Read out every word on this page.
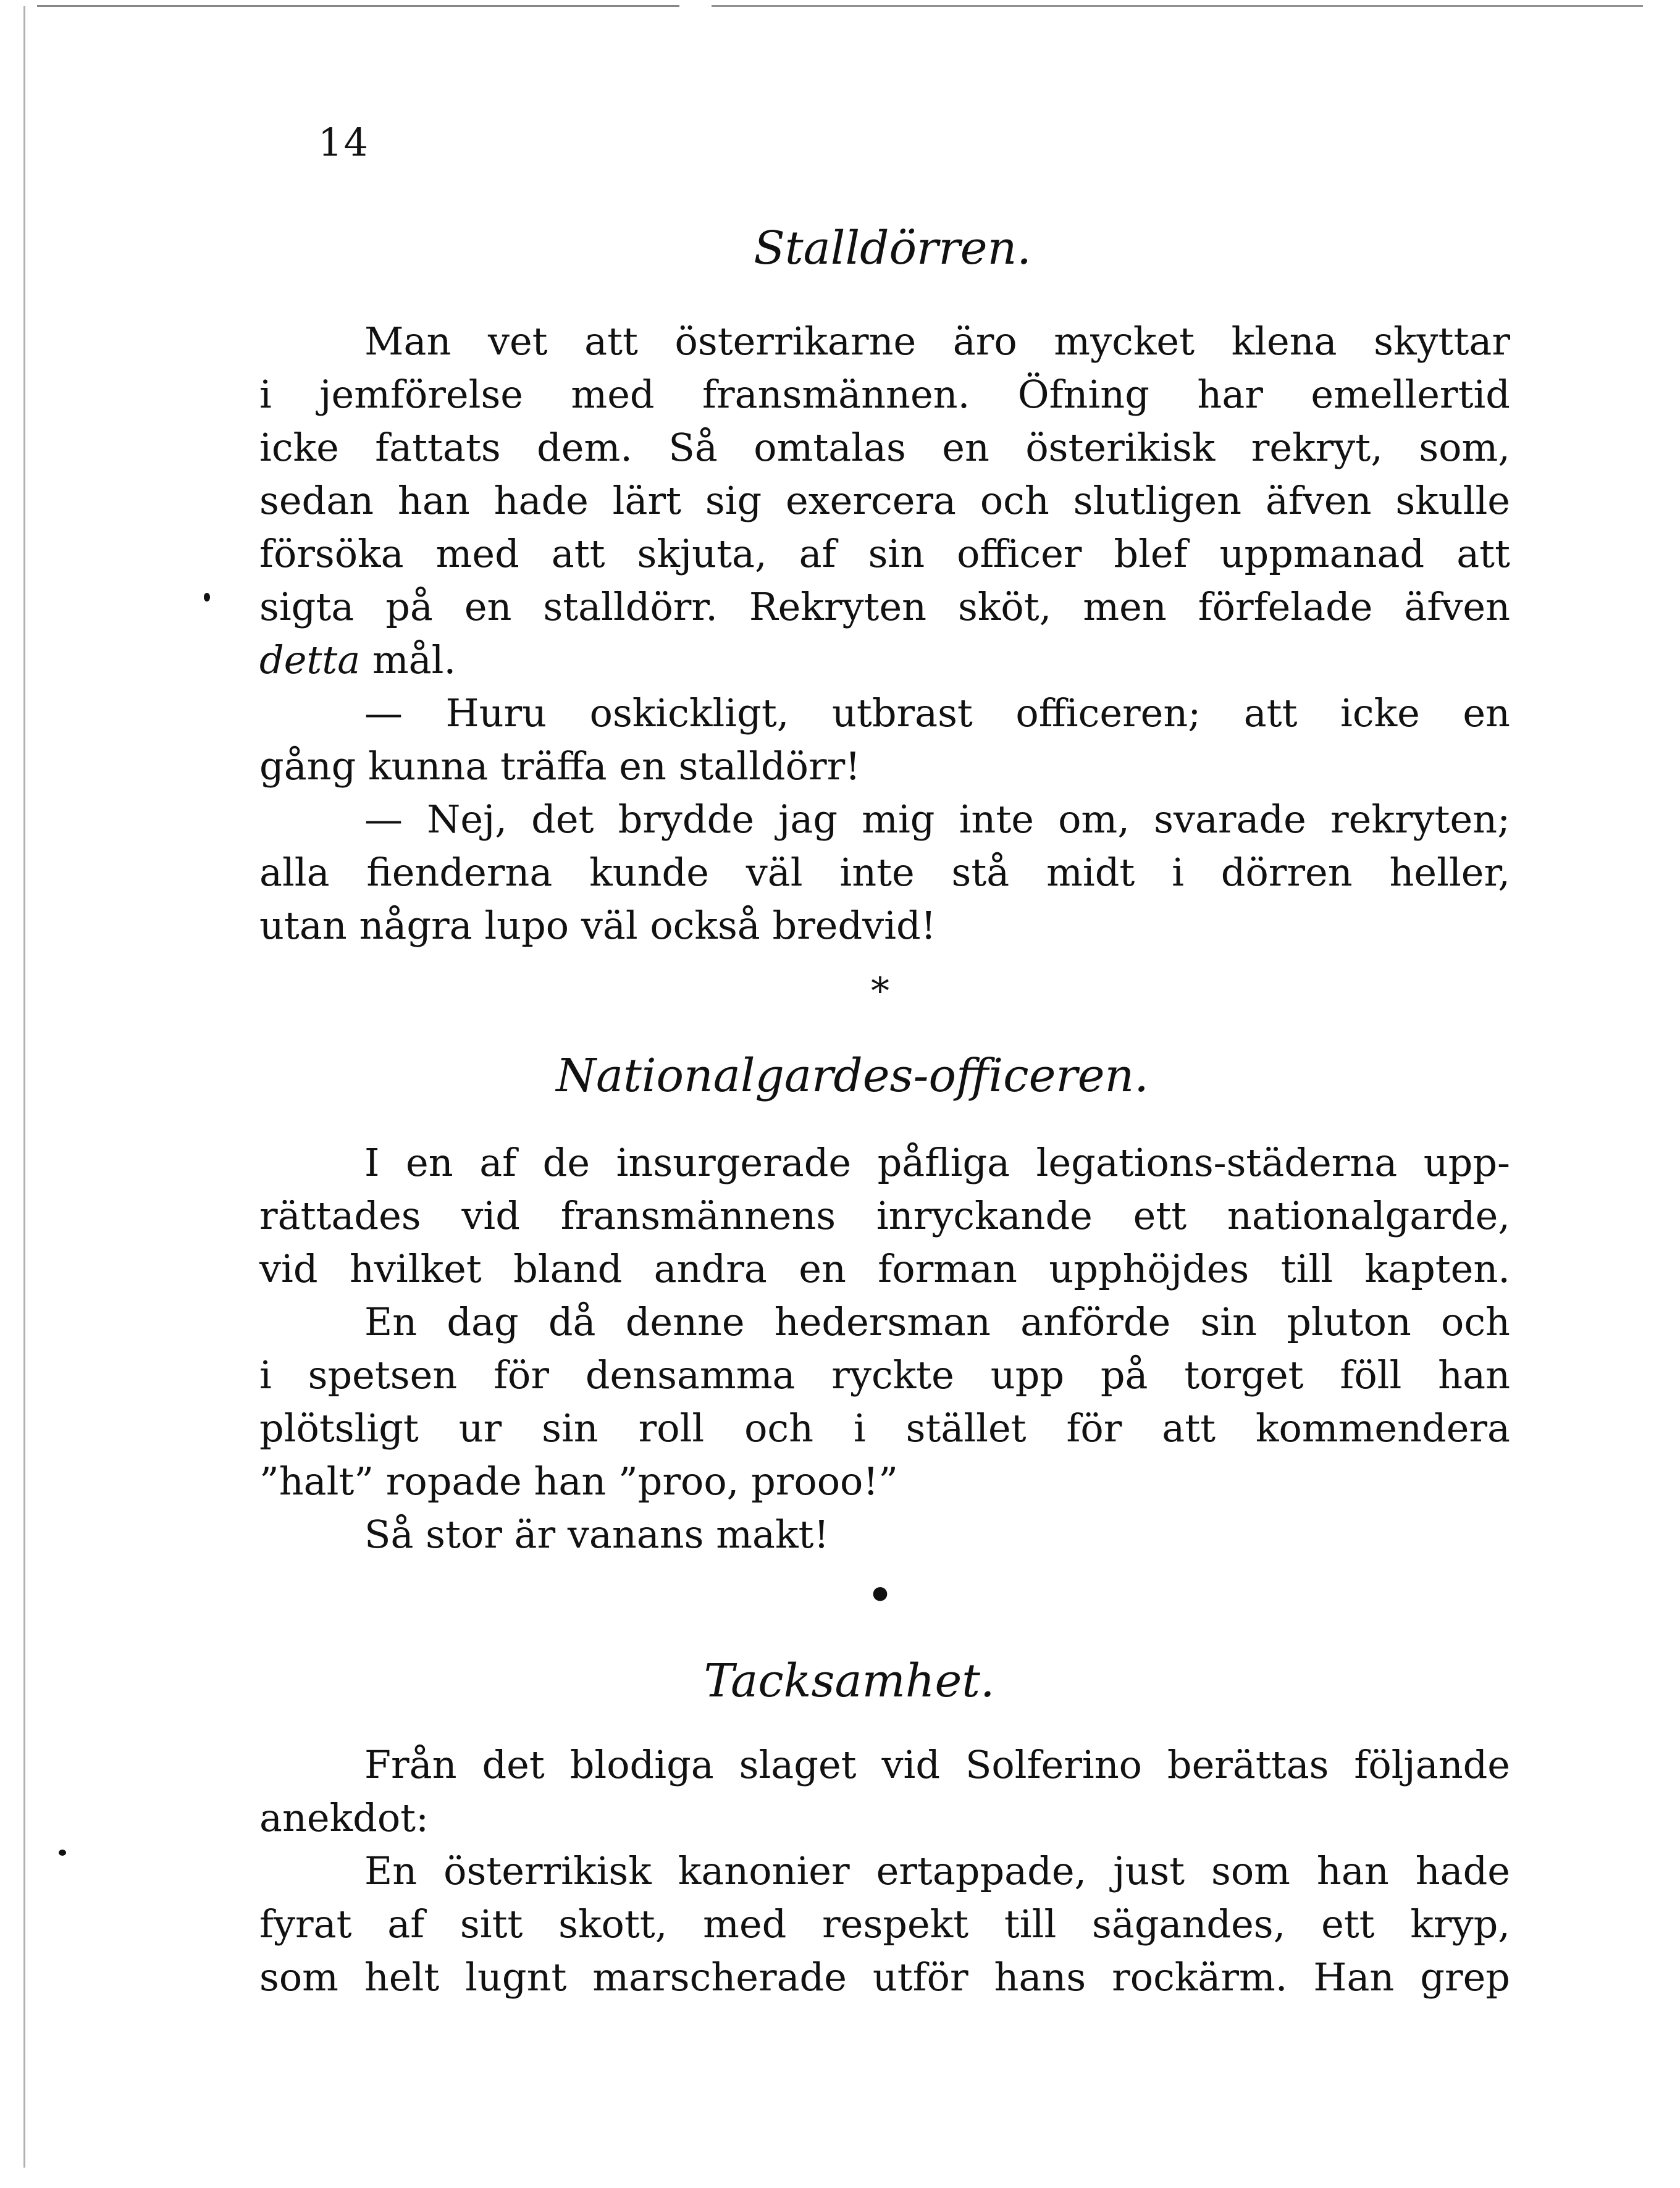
14
Stalldörren.
Man vet att österrikarne äro mycket klena skyttar
i jemförelse med fransmännen. Öfning har emellertid
icke fattats dem. Så omtalas en österikisk rekryt, som,
sedan han hade lärt sig exercera och slutligen äfven skulle
försöka med att skjuta, af sin officer blef uppmanad att
sigta på en stalldörr. Rekryten sköt, men förfelade äfven
detta mål.
— Huru oskickligt, utbrast officeren; att icke en
gång kunna träffa en stalldörr!
— Nej, det brydde jag mig inte om, svarade rekryten;
alla fienderna kunde väl inte stå midt i dörren heller,
utan några lupo väl också bredvid!
*
Nationalgardes-officeren.
I en af de insurgerade påfliga legations-städerna upp-
rättades vid fransmännens inryckande ett nationalgarde,
vid hvilket bland andra en forman upphöjdes till kapten.
En dag då denne hedersman anförde sin pluton och
i spetsen för densamma ryckte upp på torget föll han
plötsligt ur sin roll och i stället för att kommendera
”halt” ropade han ”proo, prooo!”
Så stor är vanans makt!
•
Tacksamhet.
Från det blodiga slaget vid Solferino berättas följande
anekdot:
En österrikisk kanonier ertappade, just som han hade
fyrat af sitt skott, med respekt till sägandes, ett kryp,
som helt lugnt marscherade utför hans rockärm. Han grep
